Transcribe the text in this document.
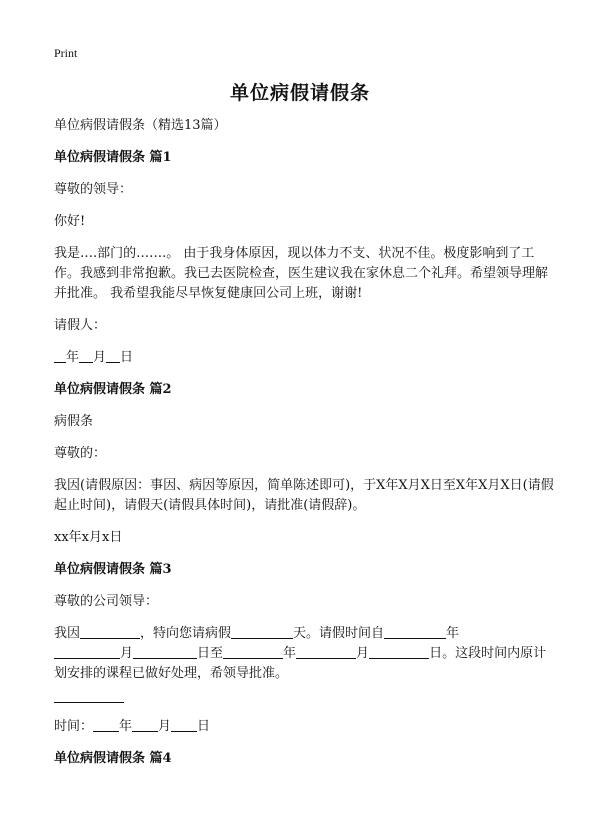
Print
单位病假请假条

单位病假请假条（精选13篇）

单位病假请假条 篇1

尊敬的领导：

你好!

我是….部门的…….。 由于我身体原因，现以体力不支、状况不佳。极度影响到了工作。我感到非常抱歉。我已去医院检查，医生建议我在家休息二个礼拜。希望领导理解并批准。 我希望我能尽早恢复健康回公司上班，谢谢!

请假人：

年 月 日

单位病假请假条 篇2

病假条

尊敬的：

我因(请假原因：事因、病因等原因，简单陈述即可)，于X年X月X日至X年X月X日(请假起止时间)，请假天(请假具体时间)，请批准(请假辞)。

xx年x月x日

单位病假请假条 篇3

尊敬的公司领导：

我因	，特向您请病假	天。请假时间自	年
月	日至	年	月	日。这段时间内原计划安排的课程已做好处理，希领导批准。

时间： 年 月 日

单位病假请假条 篇4
